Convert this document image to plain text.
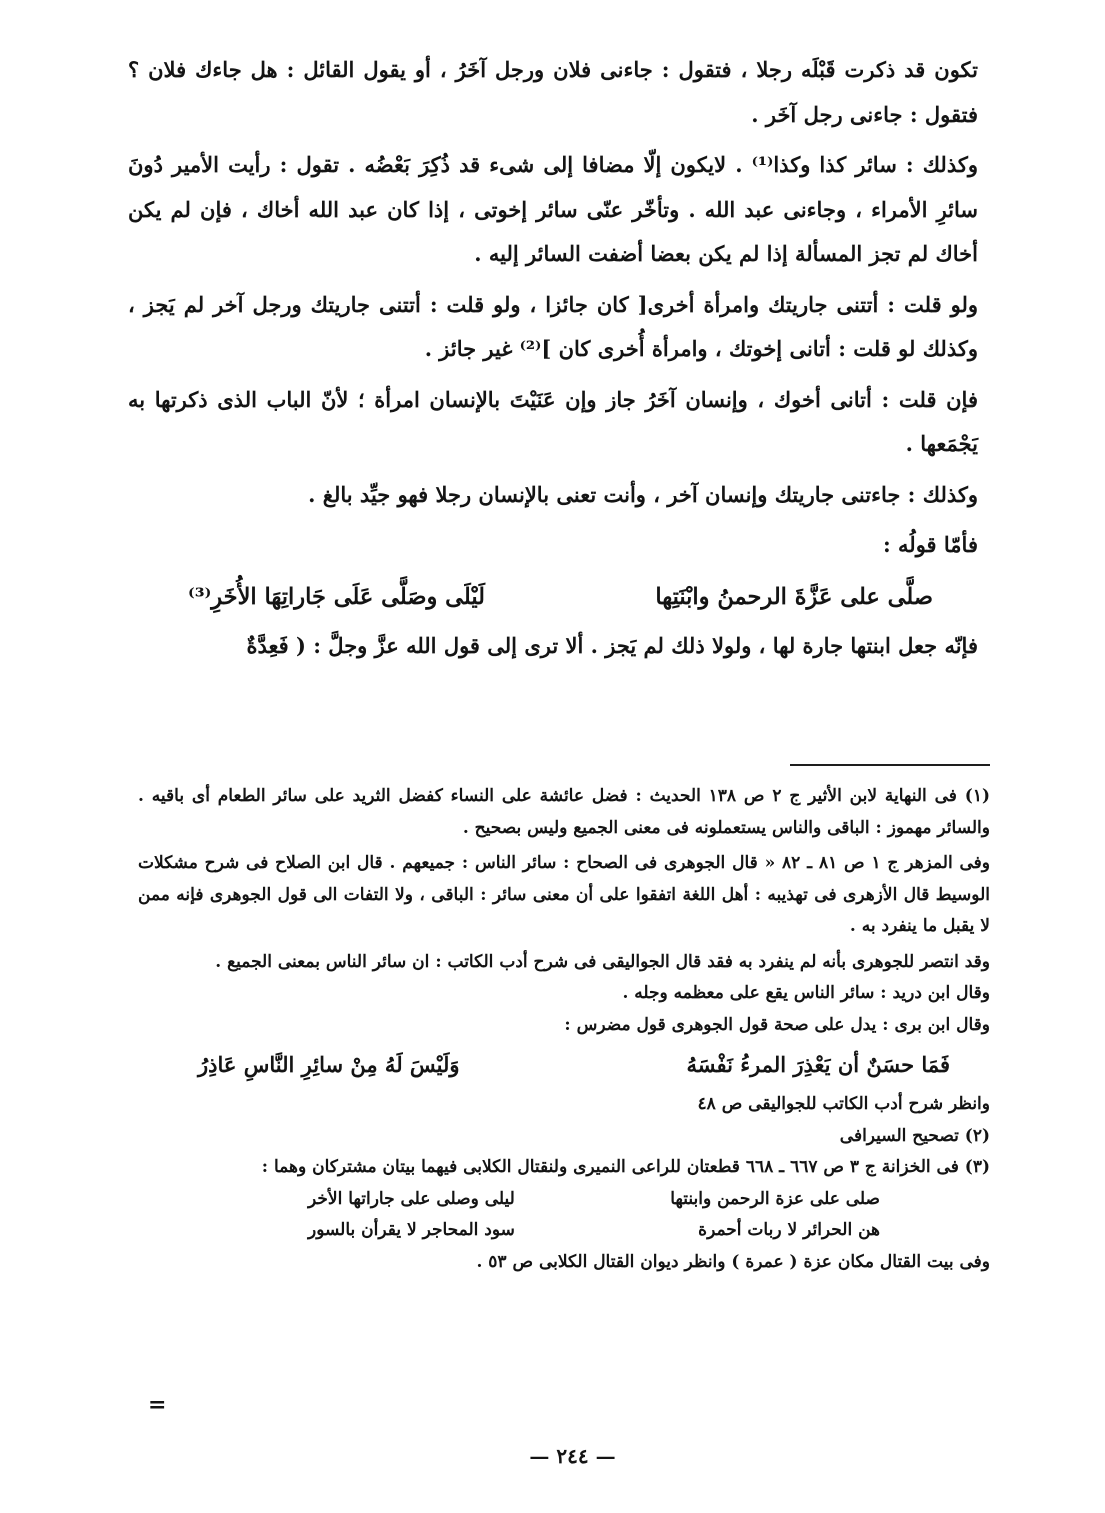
تكون قد ذكرت قَبْلَه رجلا ، فتقول : جاءنى فلان ورجل آخَرُ ، أو يقول القائل : هل جاءك فلان ؟ فتقول : جاءنى رجل آخَر .

وكذلك : سائر كذا وكذا⁽¹⁾ . لايكون إلّا مضافا إلى شىء قد ذُكِرَ بَعْضُه . تقول : رأيت الأمير دُونَ سائرِ الأمراء ، وجاءنى عبد الله . وتأخّر عنّى سائر إخوتى ، إذا كان عبد الله أخاك ، فإن لم يكن أخاك لم تجز المسألة إذا لم يكن بعضا أضفت السائر إليه .

ولو قلت : أتتنى جاريتك وامرأة أخرى[ كان جائزا ، ولو قلت : أتتنى جاريتك ورجل آخر لم يَجز ، وكذلك لو قلت : أتانى إخوتك ، وامرأة أُخرى كان ]⁽²⁾ غير جائز .

فإن قلت : أتانى أخوك ، وإنسان آخَرُ جاز وإن عَنَيْتَ بالإنسان امرأة ؛ لأنّ الباب الذى ذكرتها به يَجْمَعها .

وكذلك : جاءتنى جاريتك وإنسان آخر ، وأنت تعنى بالإنسان رجلا فهو جيِّد بالغ .

فأمّا قولُه :

صلَّى على عَزَّةَ الرحمنُ وابْنَتِها
لَيْلَى وصَلَّى عَلَى جَاراتِهَا الأُخَرِ⁽³⁾

فإنّه جعل ابنتها جارة لها ، ولولا ذلك لم يَجز . ألا ترى إلى قول الله عزَّ وجلَّ : ( فَعِدَّةٌ

(١) فى النهاية لابن الأثير ج ٢ ص ١٣٨ الحديث : فضل عائشة على النساء كفضل الثريد على سائر الطعام أى باقيه . والسائر مهموز : الباقى والناس يستعملونه فى معنى الجميع وليس بصحيح .

وفى المزهر ج ١ ص ٨١ ـ ٨٢ « قال الجوهرى فى الصحاح : سائر الناس : جميعهم . قال ابن الصلاح فى شرح مشكلات الوسيط قال الأزهرى فى تهذيبه : أهل اللغة اتفقوا على أن معنى سائر : الباقى ، ولا التفات الى قول الجوهرى فإنه ممن لا يقبل ما ينفرد به .

وقد انتصر للجوهرى بأنه لم ينفرد به فقد قال الجواليقى فى شرح أدب الكاتب : ان سائر الناس بمعنى الجميع .

وقال ابن دريد : سائر الناس يقع على معظمه وجله .

وقال ابن برى : يدل على صحة قول الجوهرى قول مضرس :

فَمَا حسَنٌ أن يَعْذِرَ المرءُ نَفْسَهُ
وَلَيْسَ لَهُ مِنْ سائِرِ النَّاسِ عَاذِرُ

وانظر شرح أدب الكاتب للجواليقى ص ٤٨

(٢) تصحيح السيرافى

(٣) فى الخزانة ج ٣ ص ٦٦٧ ـ ٦٦٨ قطعتان للراعى النميرى ولنقتال الكلابى فيهما بيتان مشتركان وهما :

صلى على عزة الرحمن وابنتها
ليلى وصلى على جاراتها الأخر
هن الحرائر لا ربات أحمرة
سود المحاجر لا يقرأن بالسور

وفى بيت القتال مكان عزة ( عمرة ) وانظر ديوان القتال الكلابى ص ٥٣ .

=
— ٢٤٤ —
